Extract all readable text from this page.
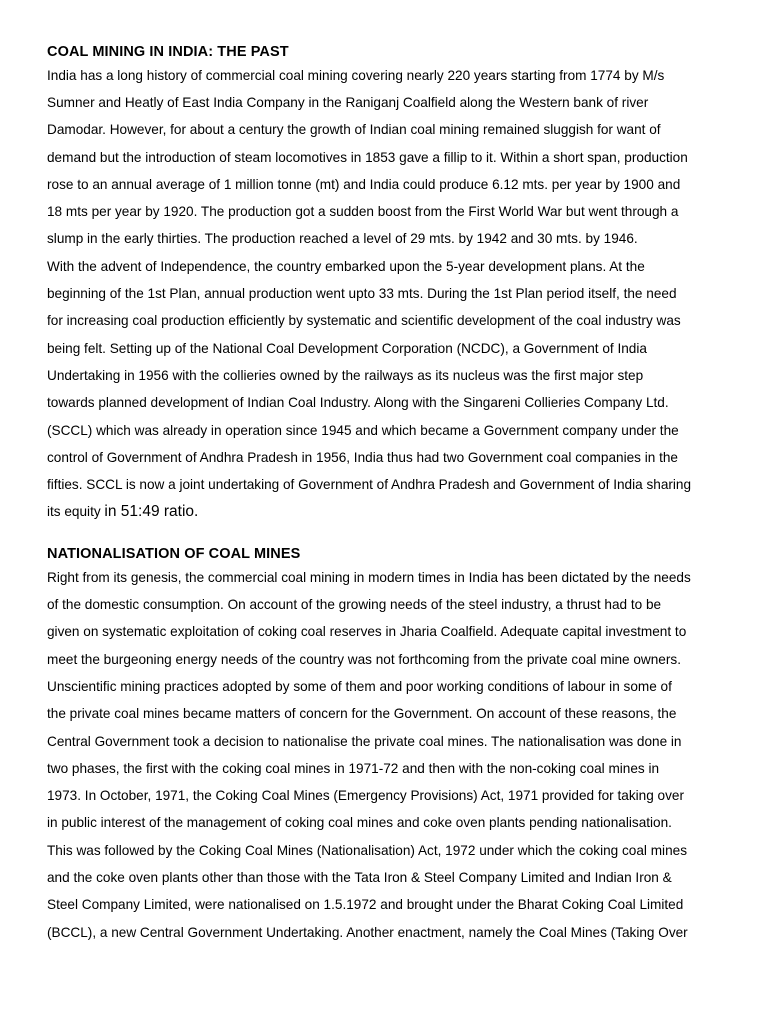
COAL MINING IN INDIA: THE PAST
India has a long history of commercial coal mining covering nearly 220 years starting from 1774 by M/s
Sumner and Heatly of East India Company in the Raniganj Coalfield along the Western bank of river
Damodar. However, for about a century the growth of Indian coal mining remained sluggish for want of
demand but the introduction of steam locomotives in 1853 gave a fillip to it. Within a short span, production
rose to an annual average of 1 million tonne (mt) and India could produce 6.12 mts. per year by 1900 and
18 mts per year by 1920. The production got a sudden boost from the First World War but went through a
slump in the early thirties. The production reached a level of 29 mts. by 1942 and 30 mts. by 1946.
With the advent of Independence, the country embarked upon the 5-year development plans. At the
beginning of the 1st Plan, annual production went upto 33 mts. During the 1st Plan period itself, the need
for increasing coal production efficiently by systematic and scientific development of the coal industry was
being felt. Setting up of the National Coal Development Corporation (NCDC), a Government of India
Undertaking in 1956 with the collieries owned by the railways as its nucleus was the first major step
towards planned development of Indian Coal Industry. Along with the Singareni Collieries Company Ltd.
(SCCL) which was already in operation since 1945 and which became a Government company under the
control of Government of Andhra Pradesh in 1956, India thus had two Government coal companies in the
fifties. SCCL is now a joint undertaking of Government of Andhra Pradesh and Government of India sharing
its equity in 51:49 ratio.
NATIONALISATION OF COAL MINES
Right from its genesis, the commercial coal mining in modern times in India has been dictated by the needs
of the domestic consumption. On account of the growing needs of the steel industry, a thrust had to be
given on systematic exploitation of coking coal reserves in Jharia Coalfield. Adequate capital investment to
meet the burgeoning energy needs of the country was not forthcoming from the private coal mine owners.
Unscientific mining practices adopted by some of them and poor working conditions of labour in some of
the private coal mines became matters of concern for the Government. On account of these reasons, the
Central Government took a decision to nationalise the private coal mines. The nationalisation was done in
two phases, the first with the coking coal mines in 1971-72 and then with the non-coking coal mines in
1973. In October, 1971, the Coking Coal Mines (Emergency Provisions) Act, 1971 provided for taking over
in public interest of the management of coking coal mines and coke oven plants pending nationalisation.
This was followed by the Coking Coal Mines (Nationalisation) Act, 1972 under which the coking coal mines
and the coke oven plants other than those with the Tata Iron & Steel Company Limited and Indian Iron &
Steel Company Limited, were nationalised on 1.5.1972 and brought under the Bharat Coking Coal Limited
(BCCL), a new Central Government Undertaking. Another enactment, namely the Coal Mines (Taking Over
